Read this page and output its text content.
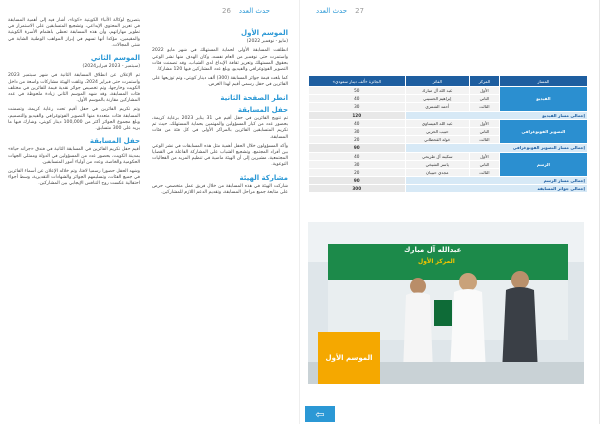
حدث العدد
26

بتصريح لوكالة الأنباء الكويتية «كونا»، أشار فيه إلى أهمية المسابقة في تعزيز المحتوى الإبداعي، وتشجيع المتسابقين على الاستمرار في تطوير مهاراتهم، وأن هذه المسابقة تحظى باهتمام الأسرة الكويتية والمقيمين، مؤكدا أنها تسهم في إبراز المواهب الوطنية الشابة في شتى المجالات.

الموسم الثاني

(سبتمبر - 2023 فبراير2024)

تم الإعلان عن انطلاق المسابقة الثانية في شهر سبتمبر 2023 واستمرت حتى فبراير 2024، وتلقت الهيئة مشاركات واسعة من داخل الكويت وخارجها، وتم تخصيص جوائز نقدية قيمة للفائزين في مختلف فئات المسابقة، وقد شهد الموسم الثاني زيادة ملحوظة في عدد المشاركين مقارنة بالموسم الأول.

وتم تكريم الفائزين في حفل أقيم تحت رعاية كريمة، وتضمنت المسابقة فئات متعددة منها التصوير الفوتوغرافي والفيديو والتصميم، وبلغ مجموع الجوائز أكثر من 100,000 دينار كويتي، وشارك فيها ما يزيد على 300 متسابق.

حفل المسابقة

أقيم حفل تكريم الفائزين في المسابقة الثانية في فندق «جراند حياة» بمدينة الكويت، بحضور عدد من المسؤولين في الدولة وممثلي الجهات الحكومية والخاصة، وعدد من أولياء أمور المتسابقين.

وشهد الحفل حضورا رسميا لافتا، وتم خلاله الإعلان عن أسماء الفائزين في جميع الفئات، وتسليمهم الجوائز والشهادات التقديرية، وسط أجواء احتفالية عكست روح التنافس الإيجابي بين المشاركين.

الموسم الأول

(مايو - نوفمبر 2022)

انطلقت المسابقة الأولى لحماية المستهلك في شهر مايو 2022 واستمرت حتى نوفمبر من العام نفسه، وكان الهدف منها نشر الوعي بحقوق المستهلك وتعزيز ثقافة الإبداع لدى الشباب، وقد تضمنت فئات التصوير الفوتوغرافي والفيديو، وبلغ عدد المشاركين فيها 120 مشاركا.

كما بلغت قيمة جوائز المسابقة (300) ألف دينار كويتي، وتم توزيعها على الفائزين في حفل رسمي أقيم لهذا الغرض.

انطر الصفحة الثانية
حفل المسابقة

تم تتويج الفائزين في حفل أقيم في 31 يناير 2023 برعاية كريمة، بحضور عدد من كبار المسؤولين والمهتمين بحماية المستهلك، حيث تم تكريم المتسابقين الفائزين بالمراكز الأولى في كل فئة من فئات المسابقة.

وأكد المسؤولون خلال الحفل أهمية مثل هذه المسابقات في نشر الوعي بين أفراد المجتمع، وتشجيع الشباب على المشاركة الفاعلة في القضايا المجتمعية، مشيرين إلى أن الهيئة ماضية في تنظيم المزيد من الفعاليات التوعوية.

مشاركة الهيئة

شاركت الهيئة في هذه المسابقة من خلال فريق عمل متخصص، حرص على متابعة جميع مراحل المسابقة، وتقديم الدعم اللازم للمشاركين.

27
حدث العدد
المسار	المركز	الفائز	الجائزة «ألف دينار سعودي»
الفيديو	الأول	عبد الله آل مبارك	50
	الثاني	إبراهيم الحسيني	40
	الثالث	أحمد الشمري	30
إجمالي مسار الفيديو			120
التصوير الفوتوغرافي	الأول	عبد الله العيساوي	40
	الثاني	حبيب الحربي	30
	الثالث	خولة القحطاني	20
إجمالي مسار التصوير الفوتوغرافي			90
الرسم	الأول	سكينة آل طريحي	40
	الثاني	ياسر الشيخي	30
	الثالث	مجدي حبيبان	20
إجمالي مسار الرسم			90
إجمالي جوائز المسابقة			300
عبدالله آل مبارك
المركز الأول
الموسم الأول
⇦
